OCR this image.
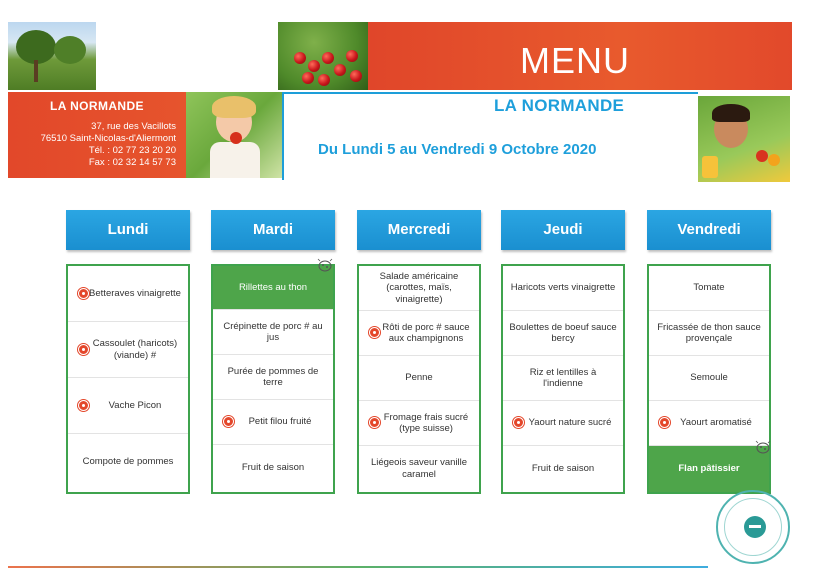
MENU
LA NORMANDE
37, rue des Vacillots
76510 Saint-Nicolas-d'Aliermont
Tél. : 02 77 23 20 20
Fax : 02 32 14 57 73
LA NORMANDE
Du Lundi 5 au Vendredi 9 Octobre 2020
Lundi
Betteraves vinaigrette
Cassoulet (haricots) (viande) #
Vache Picon
Compote de pommes
Mardi
Rillettes au thon
Crépinette de porc # au jus
Purée de pommes de terre
Petit filou fruité
Fruit de saison
Mercredi
Salade américaine (carottes, maïs, vinaigrette)
Rôti de porc # sauce aux champignons
Penne
Fromage frais sucré (type suisse)
Liégeois saveur vanille caramel
Jeudi
Haricots verts vinaigrette
Boulettes de boeuf sauce bercy
Riz et lentilles à l'indienne
Yaourt nature sucré
Fruit de saison
Vendredi
Tomate
Fricassée de thon sauce provençale
Semoule
Yaourt aromatisé
Flan pâtissier
